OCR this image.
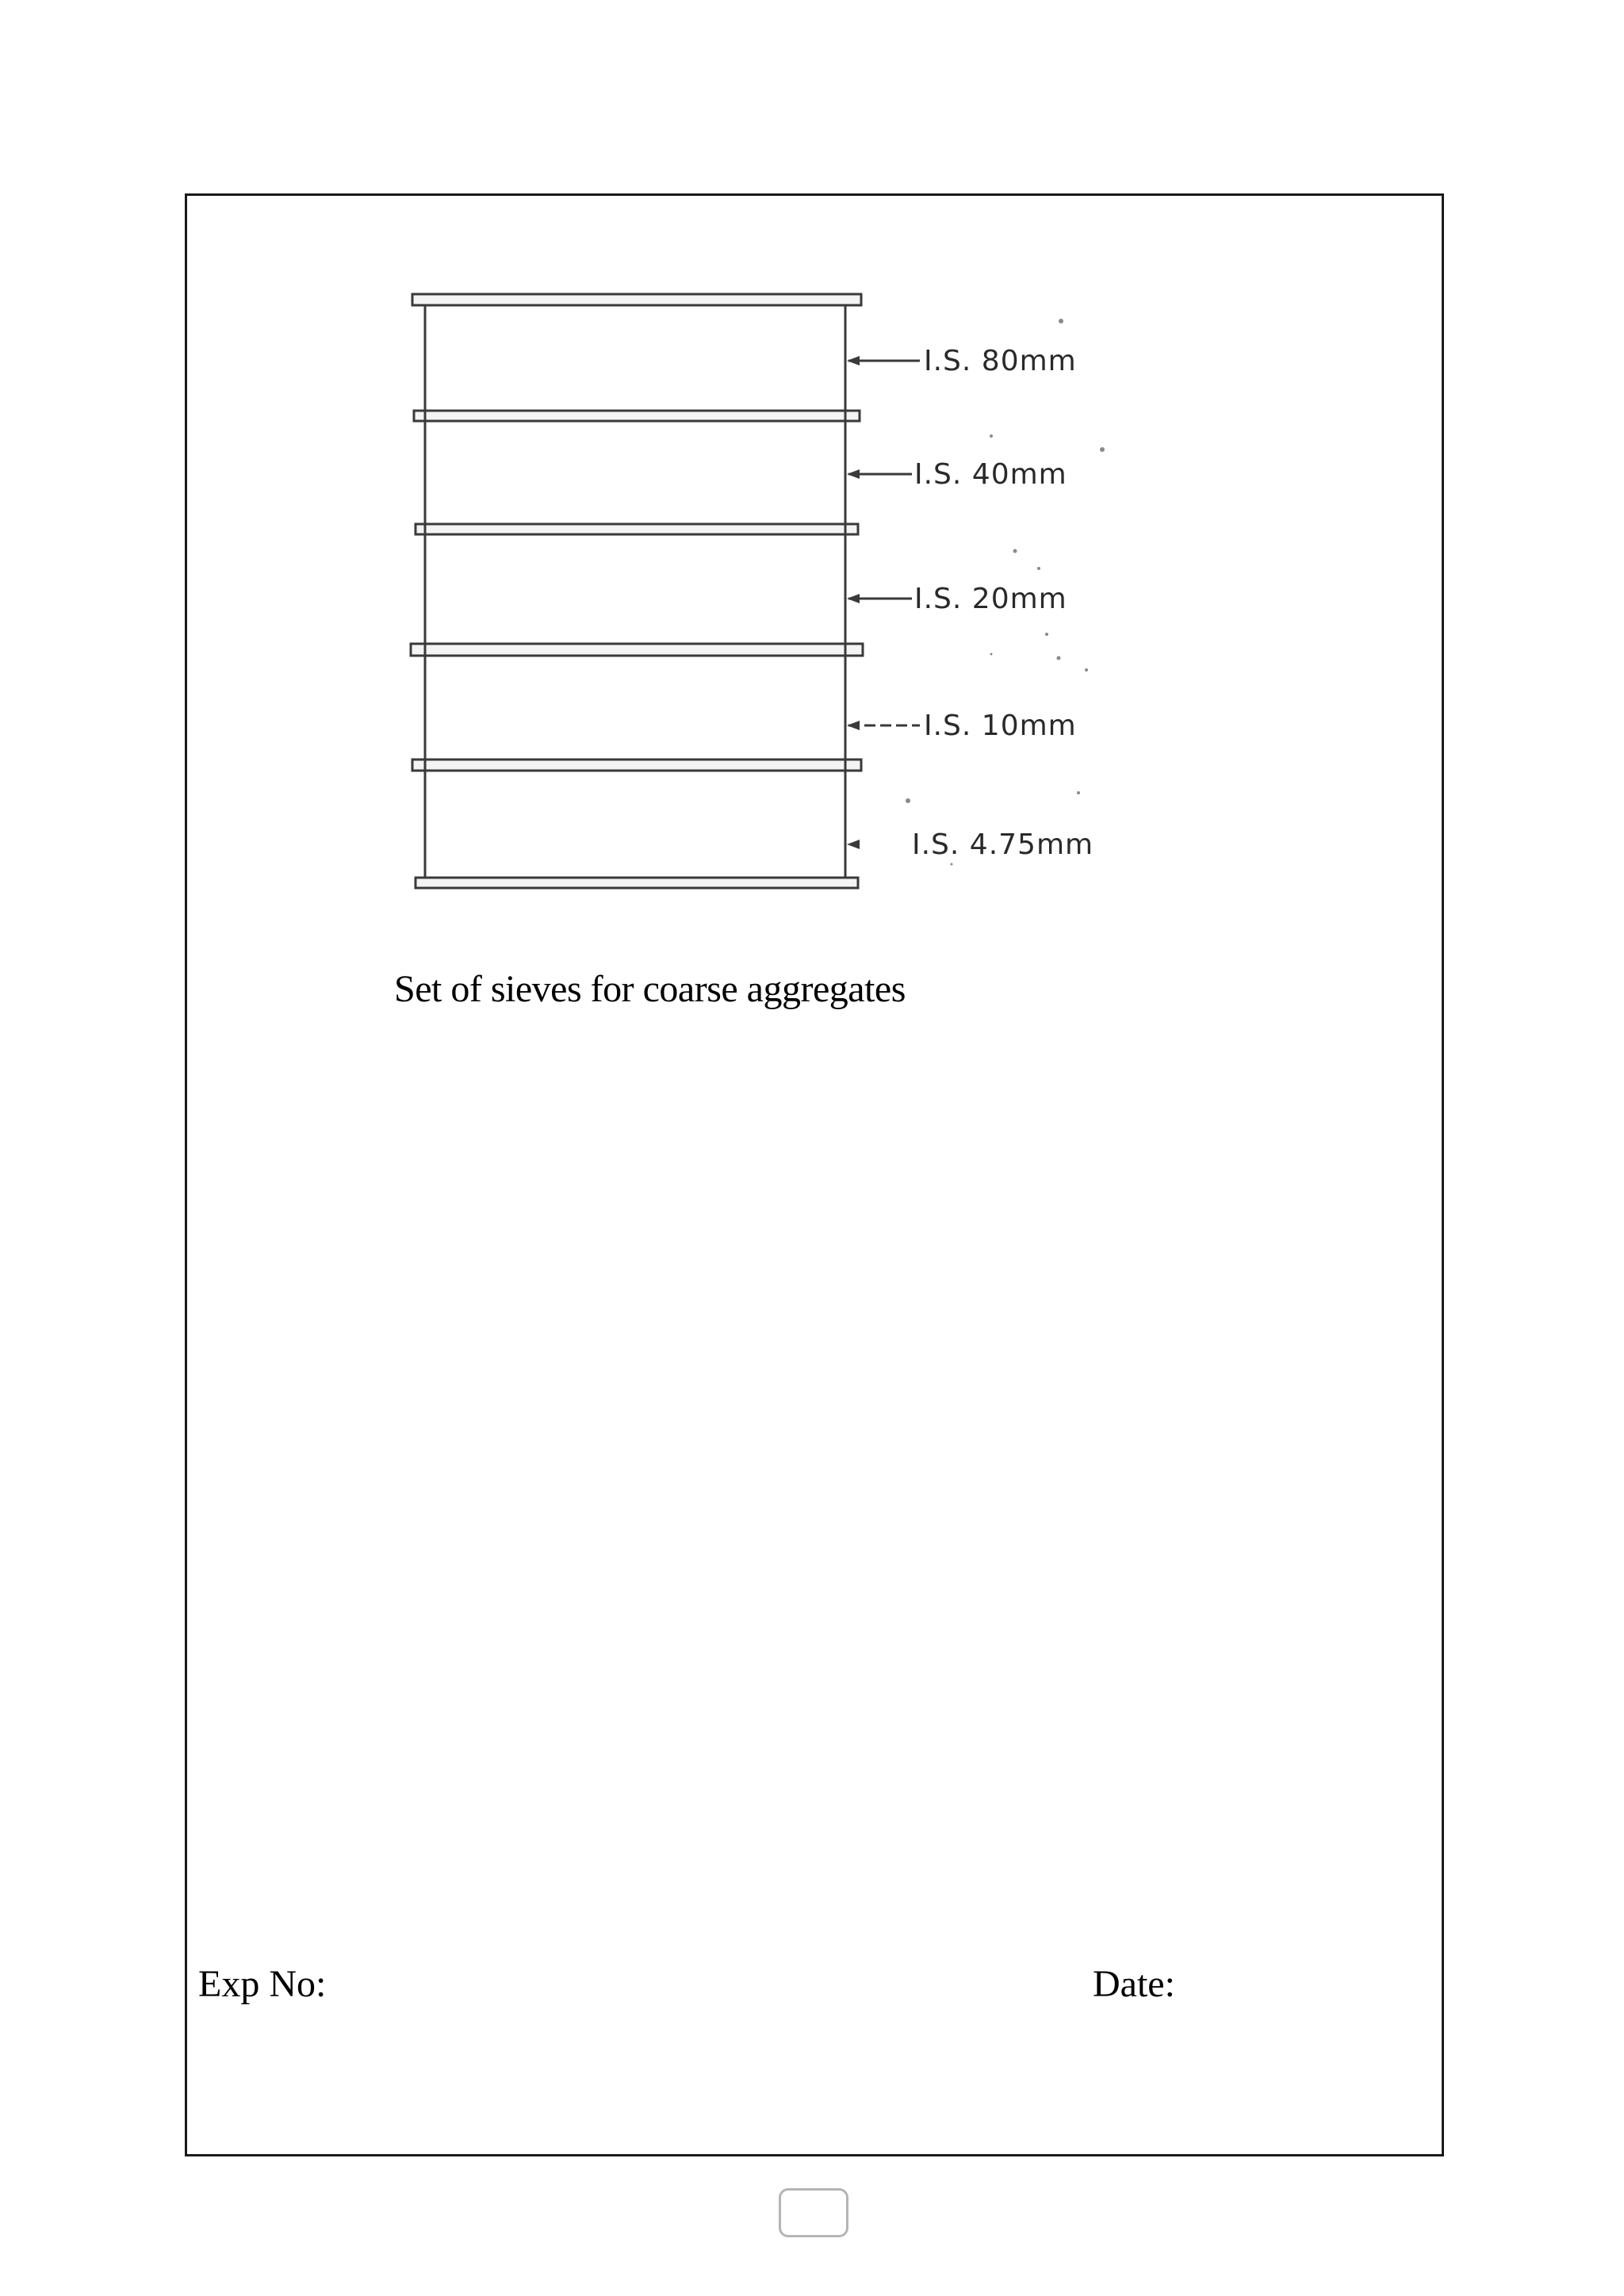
I.S. 80mm
I.S. 40mm
I.S. 20mm
I.S. 10mm
I.S. 4.75mm
Set of sieves for coarse aggregates
Exp No:	Date:
